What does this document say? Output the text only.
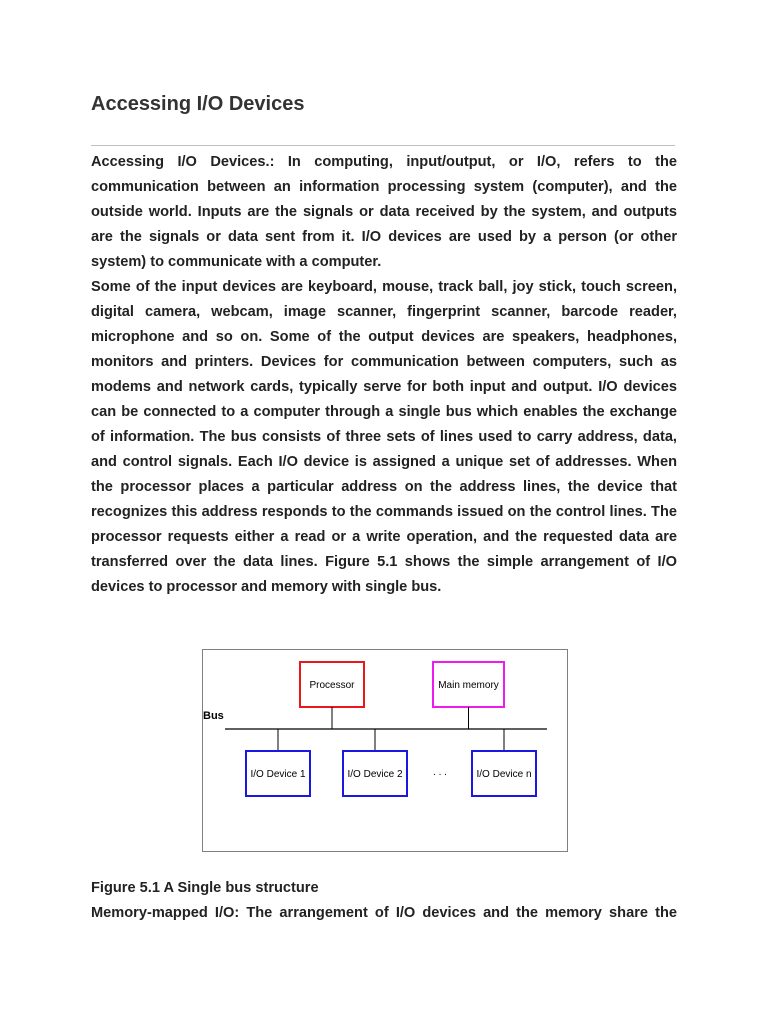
Accessing I/O Devices

Accessing I/O Devices.: In computing, input/output, or I/O, refers to the communication between an information processing system (computer), and the outside world. Inputs are the signals or data received by the system, and outputs are the signals or data sent from it. I/O devices are used by a person (or other system) to communicate with a computer.

Some of the input devices are keyboard, mouse, track ball, joy stick, touch screen, digital camera, webcam, image scanner, fingerprint scanner, barcode reader, microphone and so on. Some of the output devices are speakers, headphones, monitors and printers. Devices for communication between computers, such as modems and network cards, typically serve for both input and output. I/O devices can be connected to a computer through a single bus which enables the exchange of information. The bus consists of three sets of lines used to carry address, data, and control signals. Each I/O device is assigned a unique set of addresses. When the processor places a particular address on the address lines, the device that recognizes this address responds to the commands issued on the control lines. The processor requests either a read or a write operation, and the requested data are transferred over the data lines. Figure 5.1 shows the simple arrangement of I/O devices to processor and memory with single bus.

Bus
Processor	Main memory
I/O Device 1	I/O Device 2	. . .	I/O Device n

Figure 5.1 A Single bus structure

Memory-mapped I/O: The arrangement of I/O devices and the memory share the
